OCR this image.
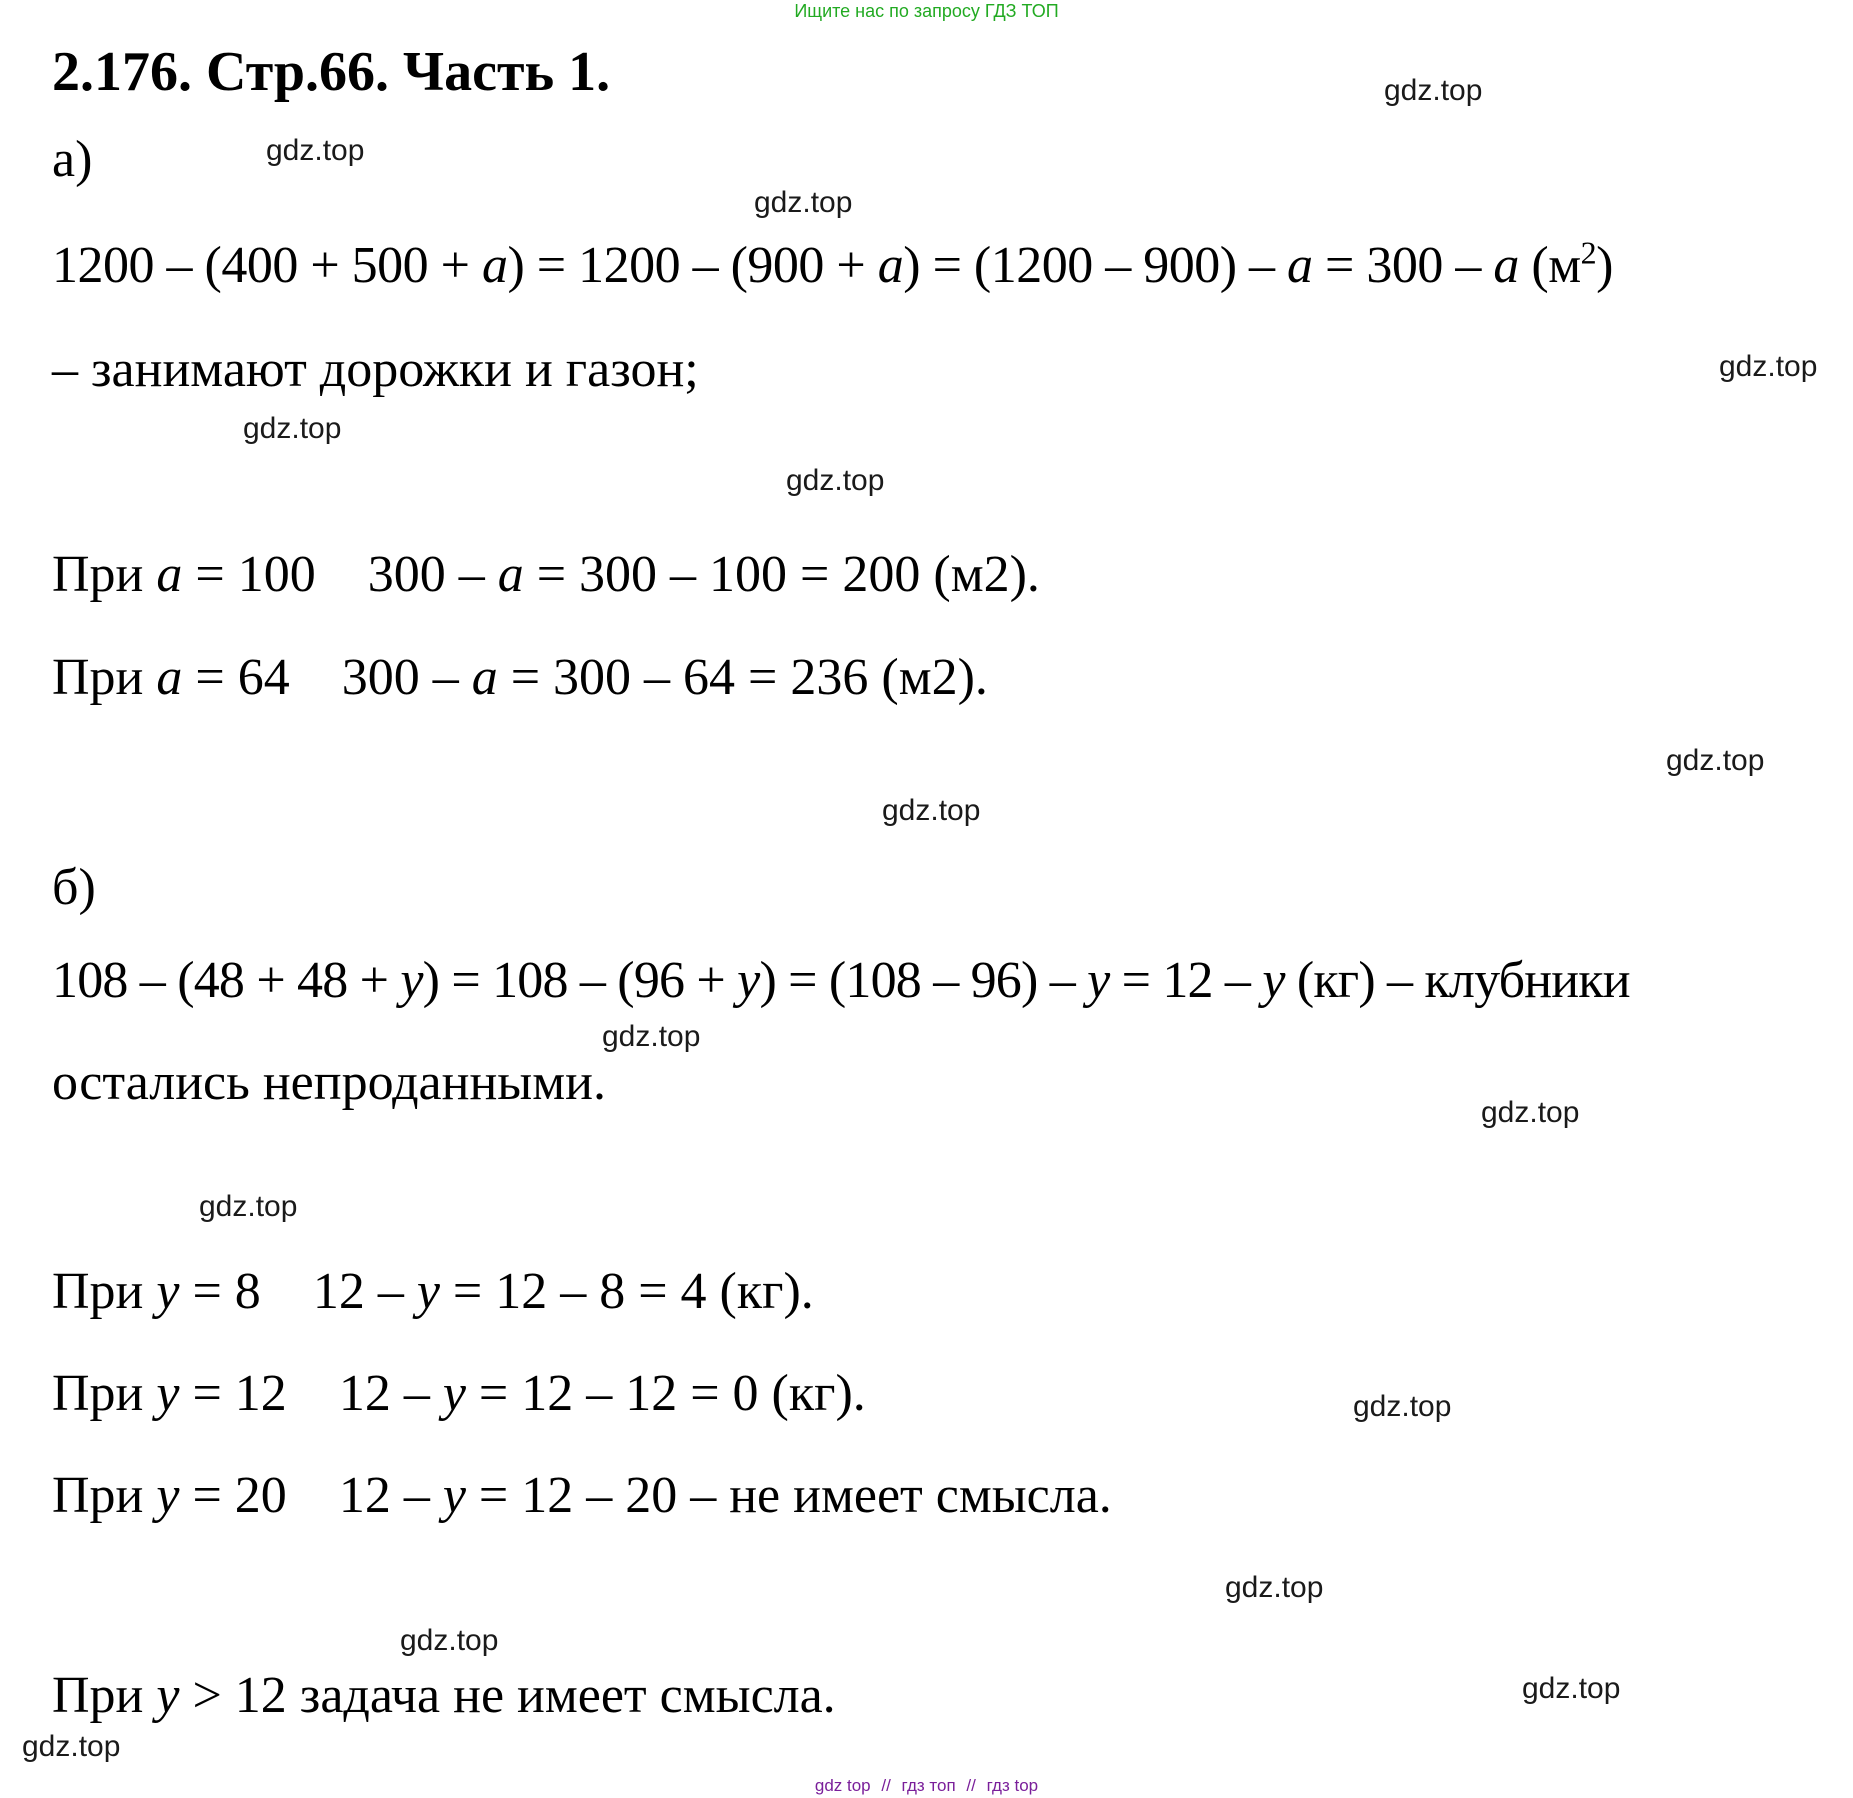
Ищите нас по запросу ГДЗ ТОП
2.176. Стр.66. Часть 1.
а)
1200 – (400 + 500 + а) = 1200 – (900 + а) = (1200 – 900) – а = 300 – а $(м^2)$
– занимают дорожки и газон;
При а = 100 300 – а = 300 – 100 = 200 (м2).
При а = 64 300 – а = 300 – 64 = 236 (м2).
б)
108 – (48 + 48 + у) = 108 – (96 + у) = (108 – 96) – у = 12 – у (кг) – клубники
остались непроданными.
При у = 8 12 – у = 12 – 8 = 4 (кг).
При у = 12 12 – у = 12 – 12 = 0 (кг).
При у = 20 12 – у = 12 – 20 – не имеет смысла.
При у > 12 задача не имеет смысла.
gdz.top
gdz.top
gdz.top
gdz.top
gdz.top
gdz.top
gdz.top
gdz.top
gdz.top
gdz.top
gdz.top
gdz.top
gdz.top
gdz.top
gdz.top
gdz.top
gdz top // гдз топ // гдз top
